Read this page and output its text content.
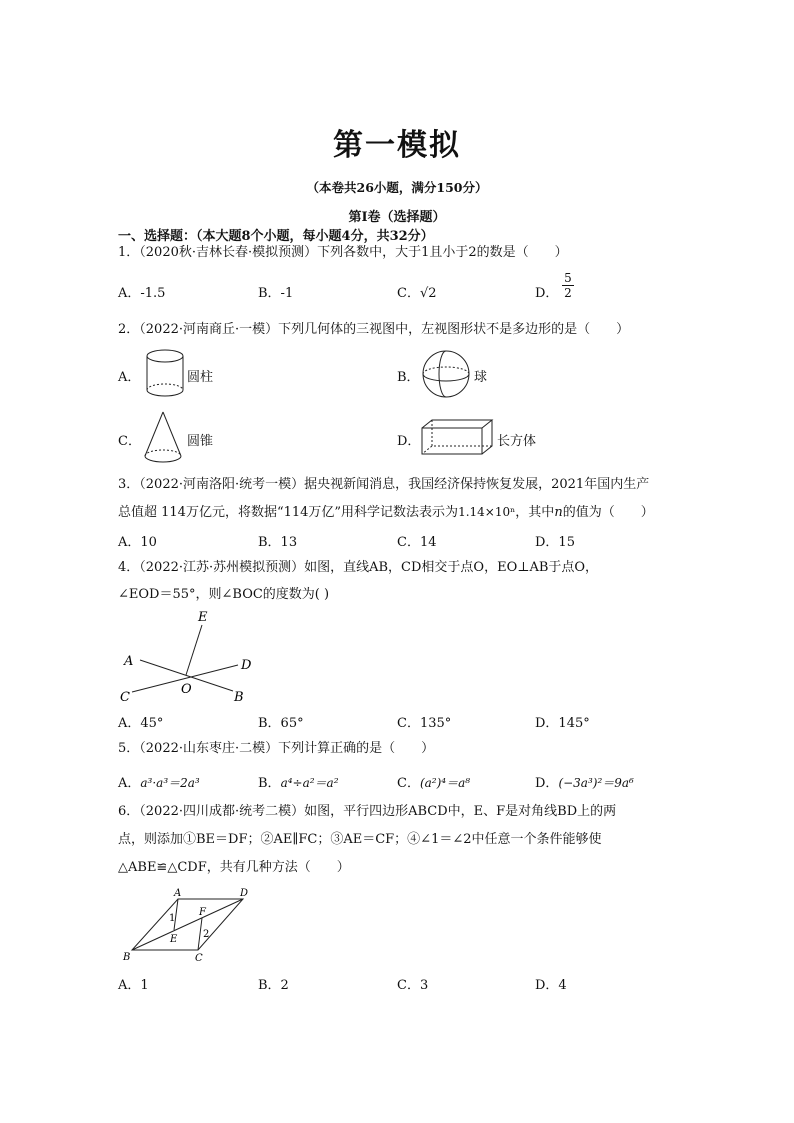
第一模拟
（本卷共26小题，满分150分）
第I卷（选择题）
一、选择题：（本大题8个小题，每小题4分，共32分）
1．（2020秋·吉林长春·模拟预测）下列各数中，大于1且小于2的数是（　　）
A．-1.5	B．-1	C．√2	D． $\frac{5}{2}$
2．（2022·河南商丘·一模）下列几何体的三视图中，左视图形状不是多边形的是（　　）
A．	圆柱	B．	球
C．	圆锥	D．	长方体
3．（2022·河南洛阳·统考一模）据央视新闻消息，我国经济保持恢复发展，2021年国内生产
总值超 114万亿元，将数据“114万亿”用科学记数法表示为1.14×10ⁿ，其中n的值为（　　）
A．10	B．13	C．14	D．15
4．（2022·江苏·苏州模拟预测）如图，直线AB，CD相交于点O，EO⊥AB于点O，
∠EOD＝55°，则∠BOC的度数为( )
E
A	D
C
O
B
A．45°	B．65°	C．135°	D．145°
5．（2022·山东枣庄·二模）下列计算正确的是（　　）
A．a³·a³＝2a³	B．a⁴÷a²＝a²	C．(a²)⁴＝a⁸	D．(−3a³)²＝9a⁶
6．（2022·四川成都·统考二模）如图，平行四边形ABCD中，E、F是对角线BD上的两
点，则添加①BE＝DF；②AE∥FC；③AE＝CF；④∠1＝∠2中任意一个条件能够使
△ABE≌△CDF，共有几种方法（　　）
A	D
F
1
2
E
B	C
A．1	B．2	C．3	D．4
